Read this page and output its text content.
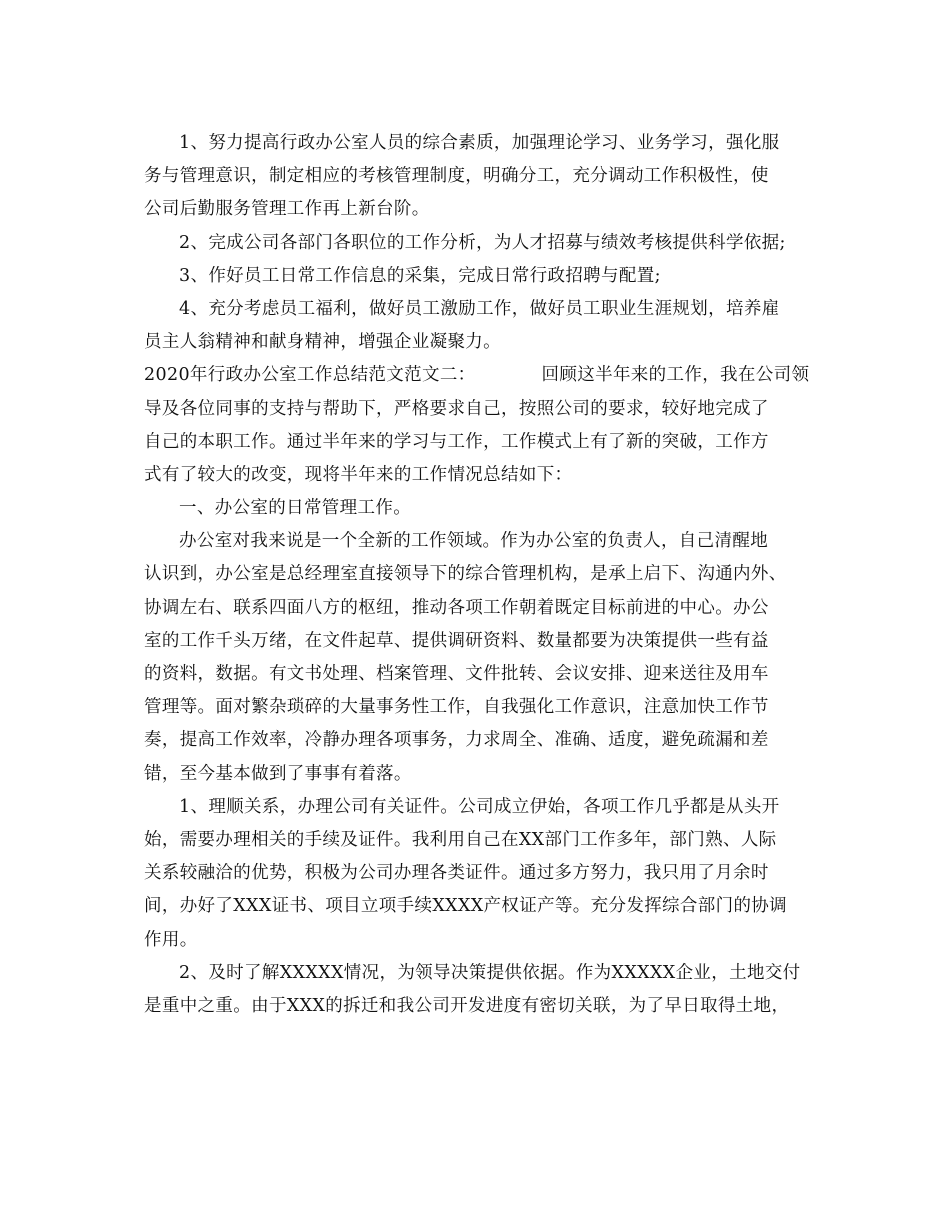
1、努力提高行政办公室人员的综合素质，加强理论学习、业务学习，强化服
务与管理意识，制定相应的考核管理制度，明确分工，充分调动工作积极性，使
公司后勤服务管理工作再上新台阶。
2、完成公司各部门各职位的工作分析，为人才招募与绩效考核提供科学依据;
3、作好员工日常工作信息的采集，完成日常行政招聘与配置;
4、充分考虑员工福利，做好员工激励工作，做好员工职业生涯规划，培养雇
员主人翁精神和献身精神，增强企业凝聚力。
2020年行政办公室工作总结范文范文二：	回顾这半年来的工作，我在公司领
导及各位同事的支持与帮助下，严格要求自己，按照公司的要求，较好地完成了
自己的本职工作。通过半年来的学习与工作，工作模式上有了新的突破，工作方
式有了较大的改变，现将半年来的工作情况总结如下：
一、办公室的日常管理工作。
办公室对我来说是一个全新的工作领域。作为办公室的负责人，自己清醒地
认识到，办公室是总经理室直接领导下的综合管理机构，是承上启下、沟通内外、
协调左右、联系四面八方的枢纽，推动各项工作朝着既定目标前进的中心。办公
室的工作千头万绪，在文件起草、提供调研资料、数量都要为决策提供一些有益
的资料，数据。有文书处理、档案管理、文件批转、会议安排、迎来送往及用车
管理等。面对繁杂琐碎的大量事务性工作，自我强化工作意识，注意加快工作节
奏，提高工作效率，冷静办理各项事务，力求周全、准确、适度，避免疏漏和差
错，至今基本做到了事事有着落。
1、理顺关系，办理公司有关证件。公司成立伊始，各项工作几乎都是从头开
始，需要办理相关的手续及证件。我利用自己在XX部门工作多年，部门熟、人际
关系较融洽的优势，积极为公司办理各类证件。通过多方努力，我只用了月余时
间，办好了XXX证书、项目立项手续XXXX产权证产等。充分发挥综合部门的协调
作用。
2、及时了解XXXXX情况，为领导决策提供依据。作为XXXXX企业，土地交付
是重中之重。由于XXX的拆迁和我公司开发进度有密切关联，为了早日取得土地，
